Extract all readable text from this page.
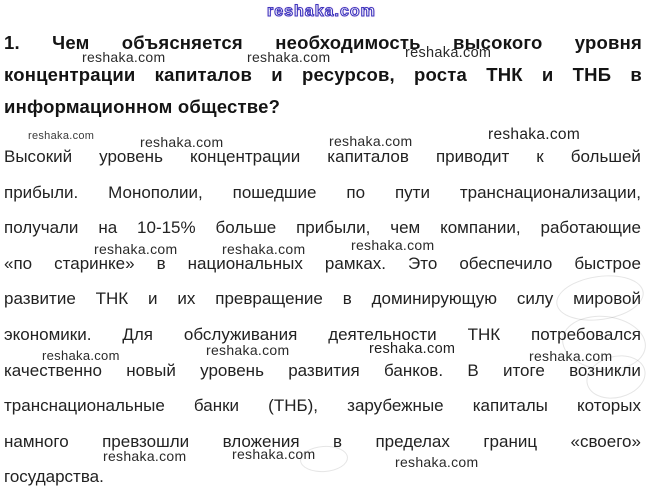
1. Чем объясняется необходимость высокого уровня
концентрации капиталов и ресурсов, роста ТНК и ТНБ в
информационном обществе?
Высокий уровень концентрации капиталов приводит к большей
прибыли. Монополии, пошедшие по пути транснационализации,
получали на 10-15% больше прибыли, чем компании, работающие
«по старинке» в национальных рамках. Это обеспечило быстрое
развитие ТНК и их превращение в доминирующую силу мировой
экономики. Для обслуживания деятельности ТНК потребовался
качественно новый уровень развития банков. В итоге возникли
транснациональные банки (ТНБ), зарубежные капиталы которых
намного превзошли вложения в пределах границ «своего»
государства.
reshaka.com
reshaka.com	reshaka.com	reshaka.com
reshaka.com	reshaka.com	reshaka.com	reshaka.com
reshaka.com	reshaka.com	reshaka.com
reshaka.com	reshaka.com	reshaka.com	reshaka.com
reshaka.com	reshaka.com	reshaka.com
